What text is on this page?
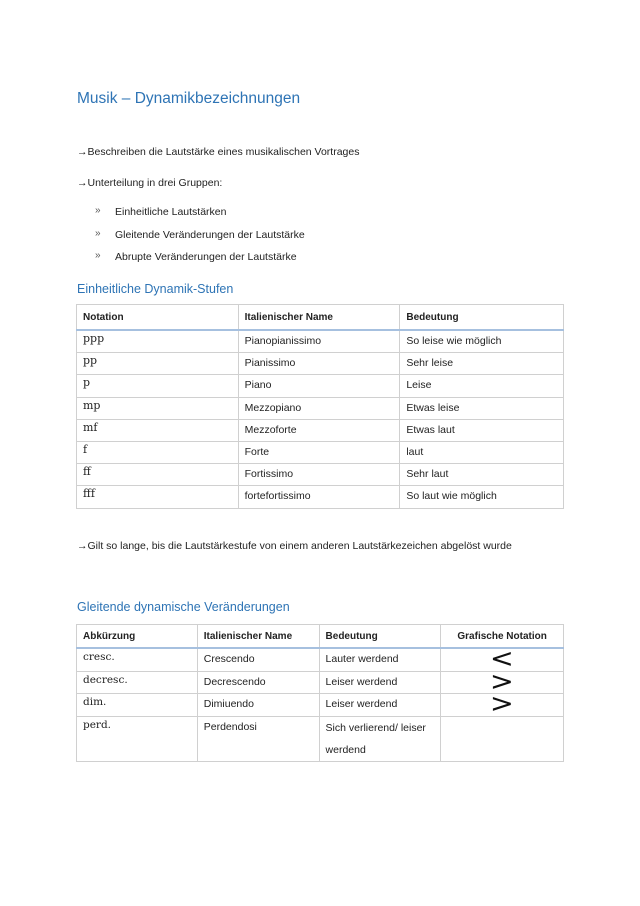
Musik – Dynamikbezeichnungen
→Beschreiben die Lautstärke eines musikalischen Vortrages
→Unterteilung in drei Gruppen:
» Einheitliche Lautstärken
» Gleitende Veränderungen der Lautstärke
» Abrupte Veränderungen der Lautstärke
Einheitliche Dynamik-Stufen
Notation	Italienischer Name	Bedeutung
ppp	Pianopianissimo	So leise wie möglich
pp	Pianissimo	Sehr leise
p	Piano	Leise
mp	Mezzopiano	Etwas leise
mf	Mezzoforte	Etwas laut
f	Forte	laut
ff	Fortissimo	Sehr laut
fff	fortefortissimo	So laut wie möglich
→Gilt so lange, bis die Lautstärkestufe von einem anderen Lautstärkezeichen abgelöst wurde
Gleitende dynamische Veränderungen
Abkürzung	Italienischer Name	Bedeutung	Grafische Notation
cresc.	Crescendo	Lauter werdend	<
decresc.	Decrescendo	Leiser werdend	>
dim.	Dimiuendo	Leiser werdend	>
perd.	Perdendosi	Sich verlierend/ leiser werdend	
